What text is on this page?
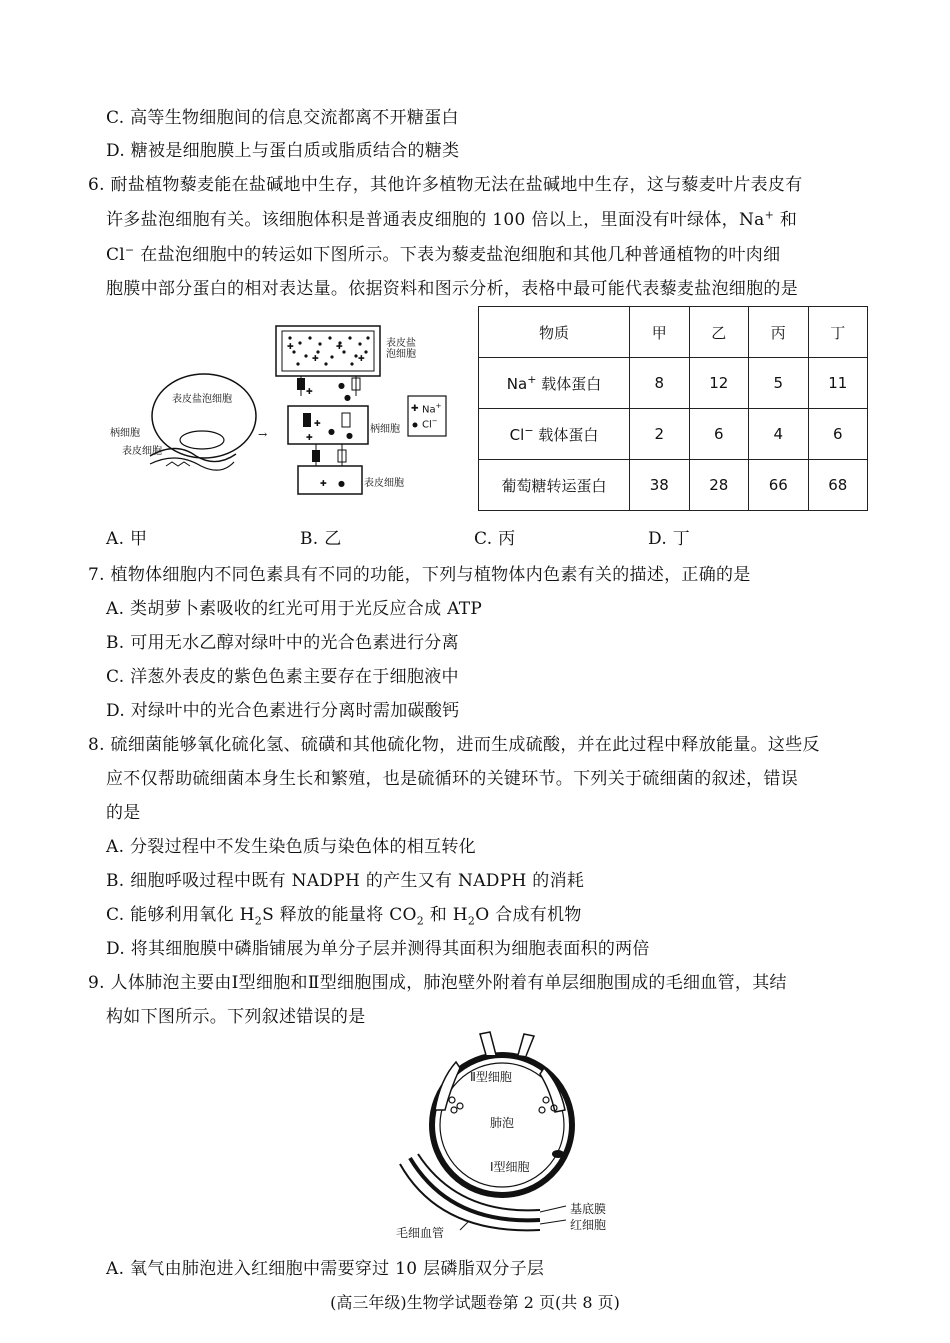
C. 高等生物细胞间的信息交流都离不开糖蛋白
D. 糖被是细胞膜上与蛋白质或脂质结合的糖类
6. 耐盐植物藜麦能在盐碱地中生存，其他许多植物无法在盐碱地中生存，这与藜麦叶片表皮有
许多盐泡细胞有关。该细胞体积是普通表皮细胞的 100 倍以上，里面没有叶绿体，Na+ 和
Cl− 在盐泡细胞中的转运如下图所示。下表为藜麦盐泡细胞和其他几种普通植物的叶肉细
胞膜中部分蛋白的相对表达量。依据资料和图示分析，表格中最可能代表藜麦盐泡细胞的是
→
✚
✚
✚
✚
✚
●
●
✚
● ●
✚
✚ ●
✚
表皮盐泡细胞
柄细胞
表皮细胞
表皮盐泡细胞
柄细胞
表皮细胞
Na+
Cl−
物质	甲	乙	丙	丁
Na+ 载体蛋白	8	12	5	11
Cl− 载体蛋白	2	6	4	6
葡萄糖转运蛋白	38	28	66	68
A. 甲	B. 乙	C. 丙	D. 丁
7. 植物体细胞内不同色素具有不同的功能，下列与植物体内色素有关的描述，正确的是
A. 类胡萝卜素吸收的红光可用于光反应合成 ATP
B. 可用无水乙醇对绿叶中的光合色素进行分离
C. 洋葱外表皮的紫色色素主要存在于细胞液中
D. 对绿叶中的光合色素进行分离时需加碳酸钙
8. 硫细菌能够氧化硫化氢、硫磺和其他硫化物，进而生成硫酸，并在此过程中释放能量。这些反
应不仅帮助硫细菌本身生长和繁殖，也是硫循环的关键环节。下列关于硫细菌的叙述，错误
的是
A. 分裂过程中不发生染色质与染色体的相互转化
B. 细胞呼吸过程中既有 NADPH 的产生又有 NADPH 的消耗
C. 能够利用氧化 $H_2S$ 释放的能量将 $CO_2$ 和 $H_2O$ 合成有机物
D. 将其细胞膜中磷脂铺展为单分子层并测得其面积为细胞表面积的两倍
9. 人体肺泡主要由Ⅰ型细胞和Ⅱ型细胞围成，肺泡壁外附着有单层细胞围成的毛细血管，其结
构如下图所示。下列叙述错误的是
Ⅱ型细胞
肺泡
Ⅰ型细胞
基底膜
红细胞
毛细血管
A. 氧气由肺泡进入红细胞中需要穿过 10 层磷脂双分子层
(高三年级)生物学试题卷第 2 页(共 8 页)
